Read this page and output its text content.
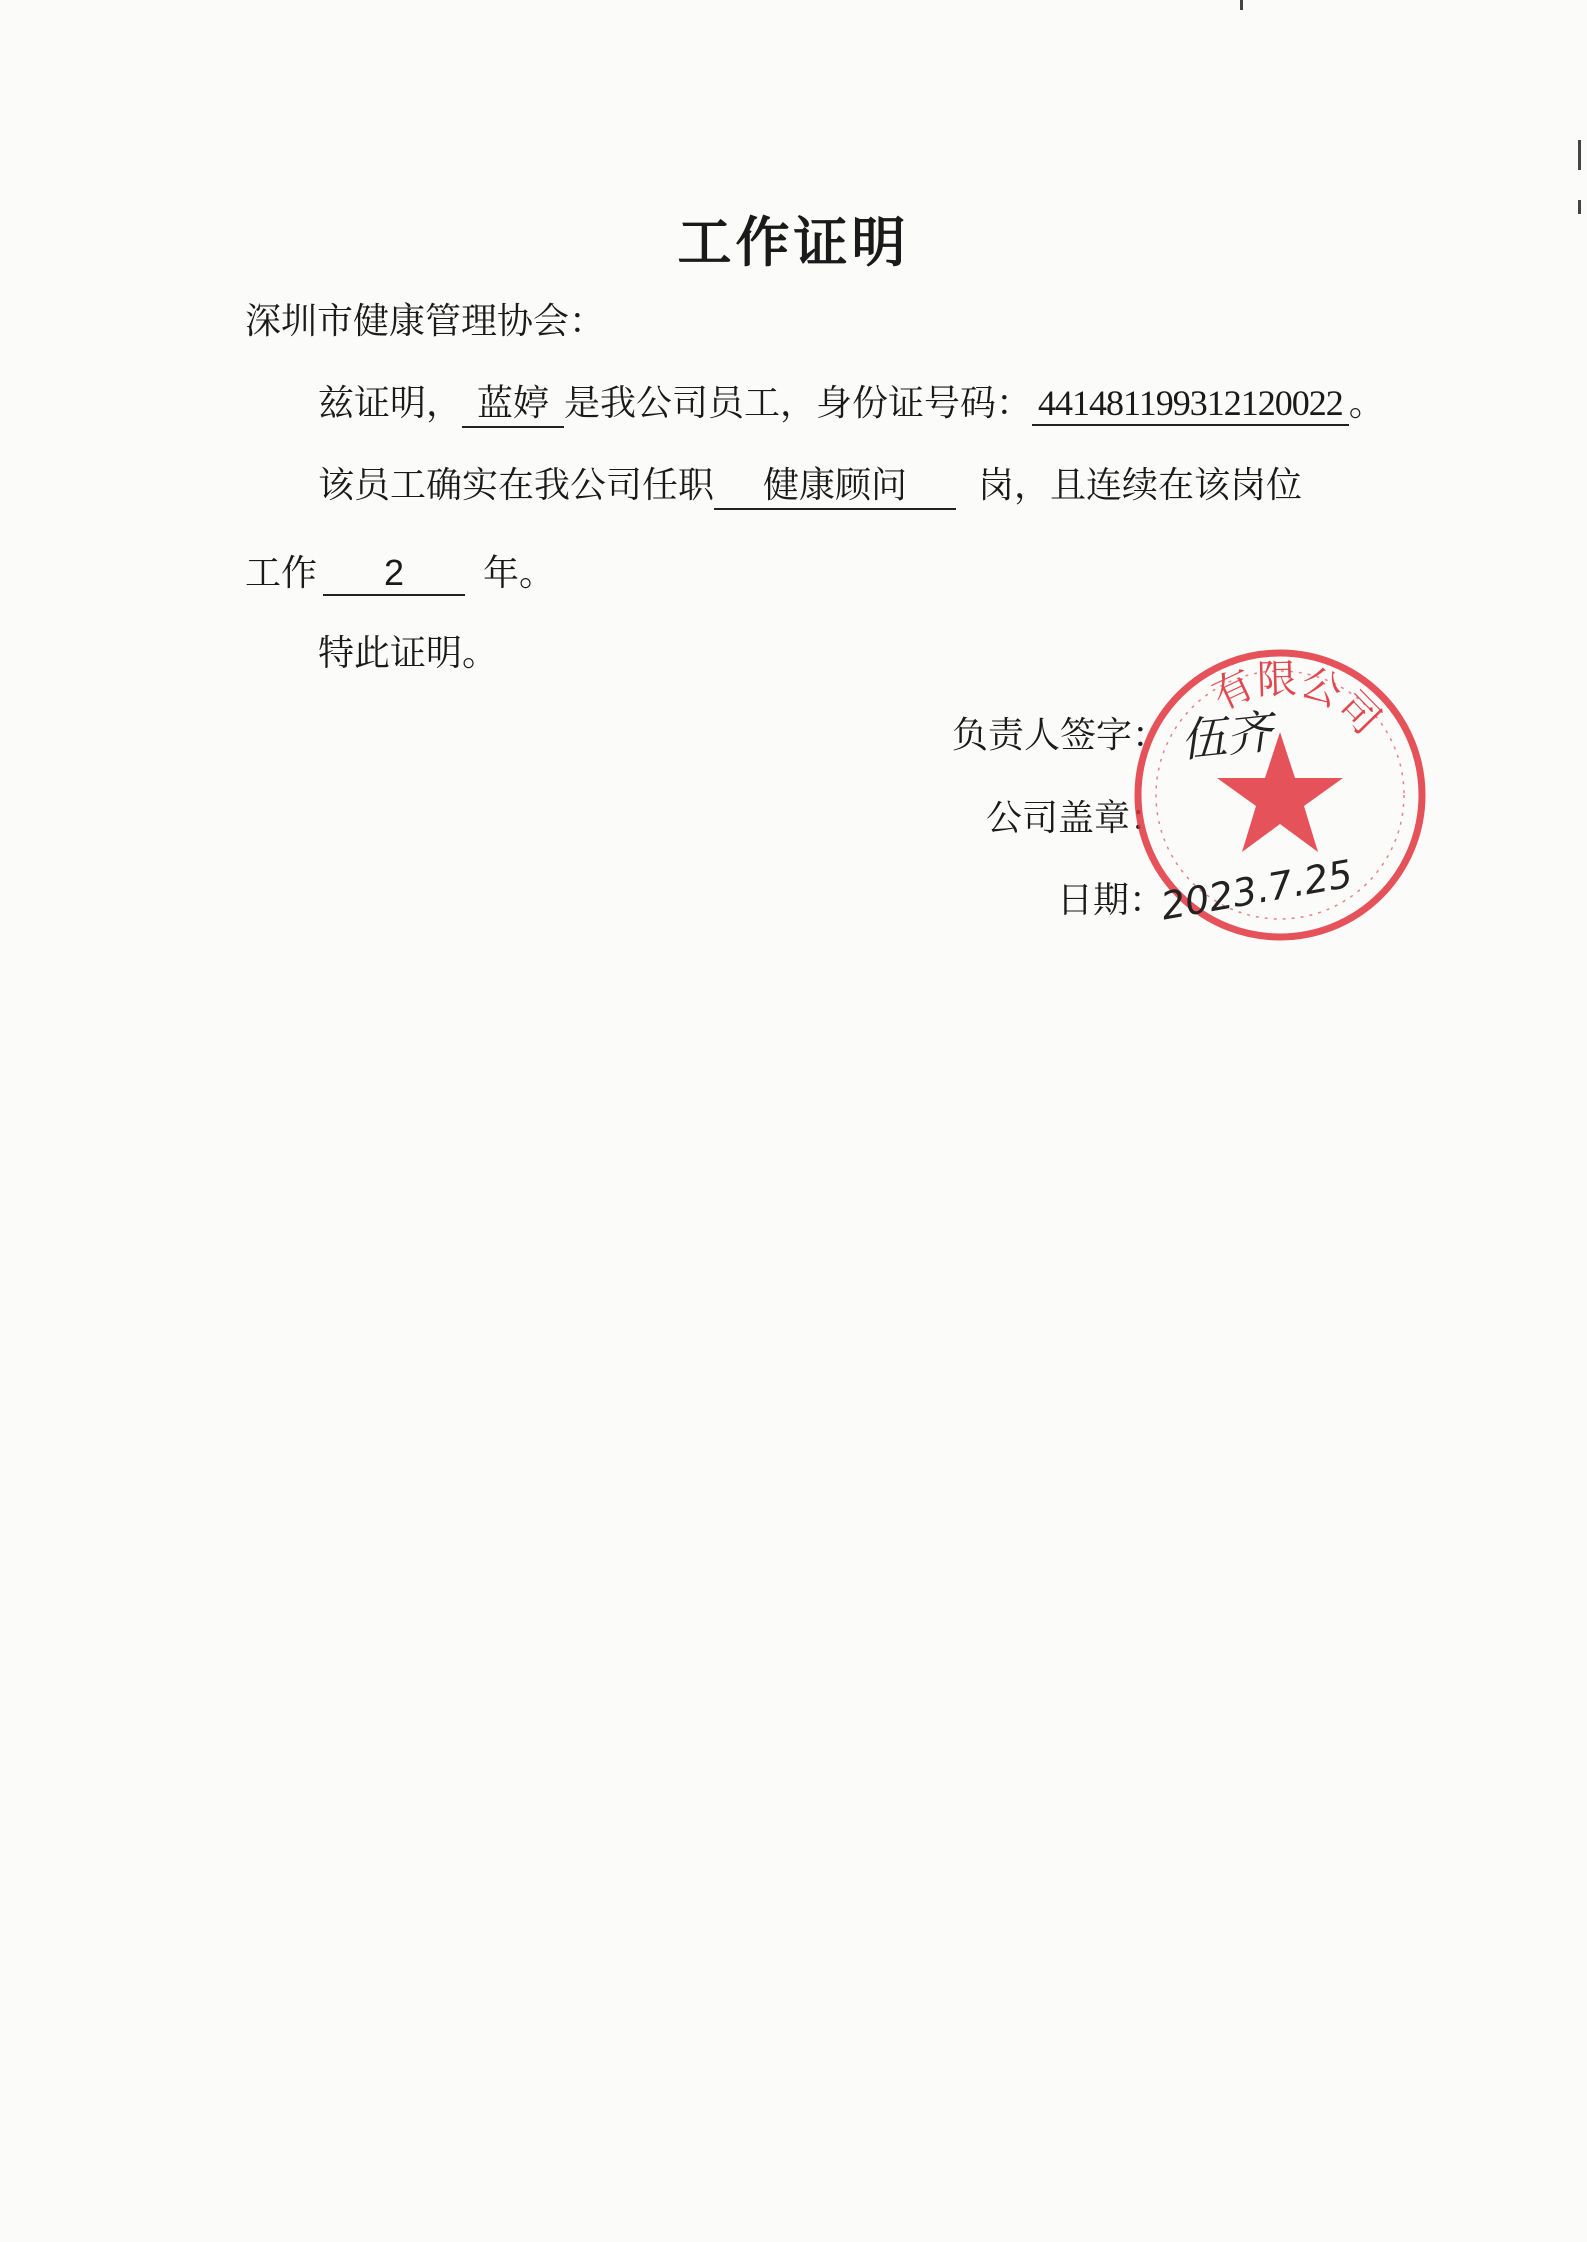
工作证明
深圳市健康管理协会：
兹证明， 蓝婷 是我公司员工，身份证号码： 441481199312120022 。
该员工确实在我公司任职 健康顾问 岗，且连续在该岗位
工作 2 年。
特此证明。
负责人签字：
公司盖章：
日期：
有限公司
伍齐
2023.7.25
